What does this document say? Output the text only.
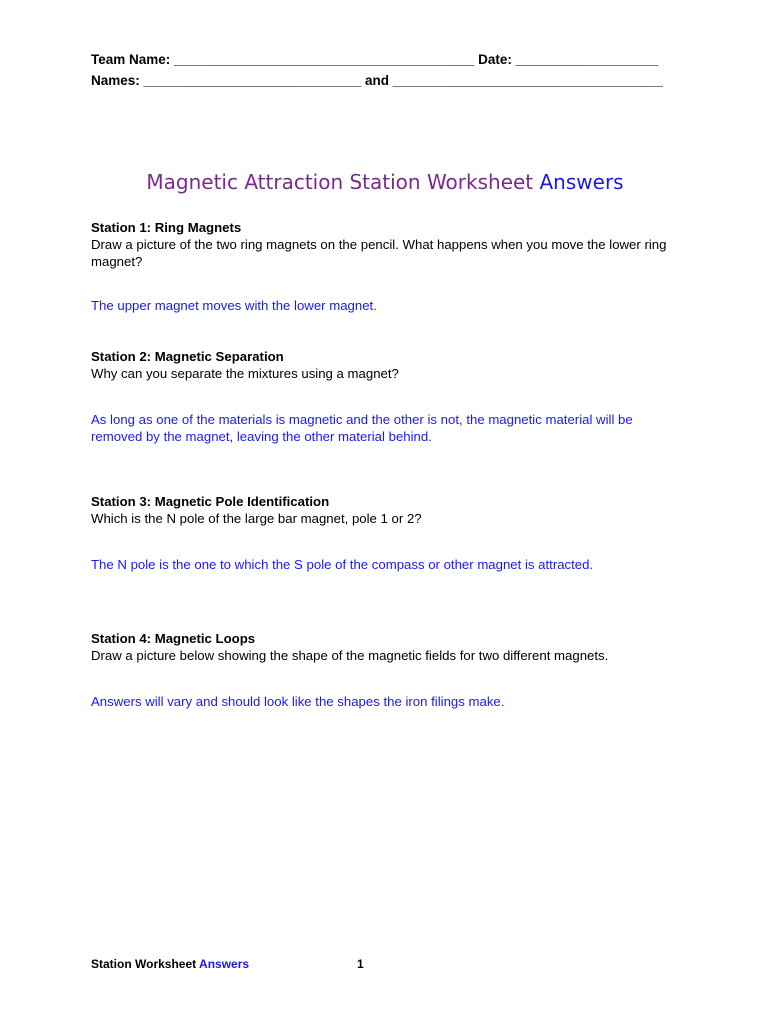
Team Name: ________________________________________ Date: ___________________
Names: _____________________________ and ____________________________________
Magnetic Attraction Station Worksheet Answers
Station 1: Ring Magnets
Draw a picture of the two ring magnets on the pencil. What happens when you move the lower ring magnet?
The upper magnet moves with the lower magnet.
Station 2: Magnetic Separation
Why can you separate the mixtures using a magnet?
As long as one of the materials is magnetic and the other is not, the magnetic material will be removed by the magnet, leaving the other material behind.
Station 3: Magnetic Pole Identification
Which is the N pole of the large bar magnet, pole 1 or 2?
The N pole is the one to which the S pole of the compass or other magnet is attracted.
Station 4: Magnetic Loops
Draw a picture below showing the shape of the magnetic fields for two different magnets.
Answers will vary and should look like the shapes the iron filings make.
Station Worksheet Answers	1
